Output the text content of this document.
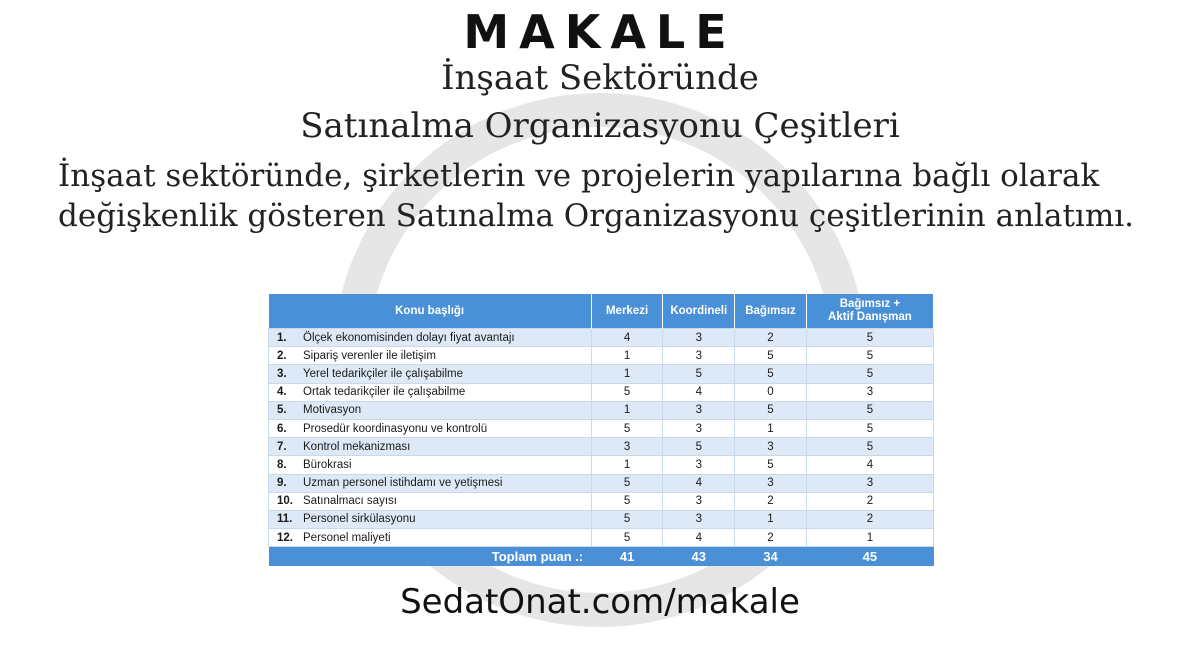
MAKALE
İnşaat Sektöründe
Satınalma Organizasyonu Çeşitleri
İnşaat sektöründe, şirketlerin ve projelerin yapılarına bağlı olarak değişkenlik gösteren Satınalma Organizasyonu çeşitlerinin anlatımı.
Konu başlığı	Merkezi	Koordineli	Bağımsız	Bağımsız +
Aktif Danışman
1. Ölçek ekonomisinden dolayı fiyat avantajı	4	3	2	5
2. Sipariş verenler ile iletişim	1	3	5	5
3. Yerel tedarikçiler ile çalışabilme	1	5	5	5
4. Ortak tedarikçiler ile çalışabilme	5	4	0	3
5. Motivasyon	1	3	5	5
6. Prosedür koordinasyonu ve kontrolü	5	3	1	5
7. Kontrol mekanizması	3	5	3	5
8. Bürokrasi	1	3	5	4
9. Uzman personel istihdamı ve yetişmesi	5	4	3	3
10. Satınalmacı sayısı	5	3	2	2
11. Personel sirkülasyonu	5	3	1	2
12. Personel maliyeti	5	4	2	1
Toplam puan .:	41	43	34	45
SedatOnat.com/makale
